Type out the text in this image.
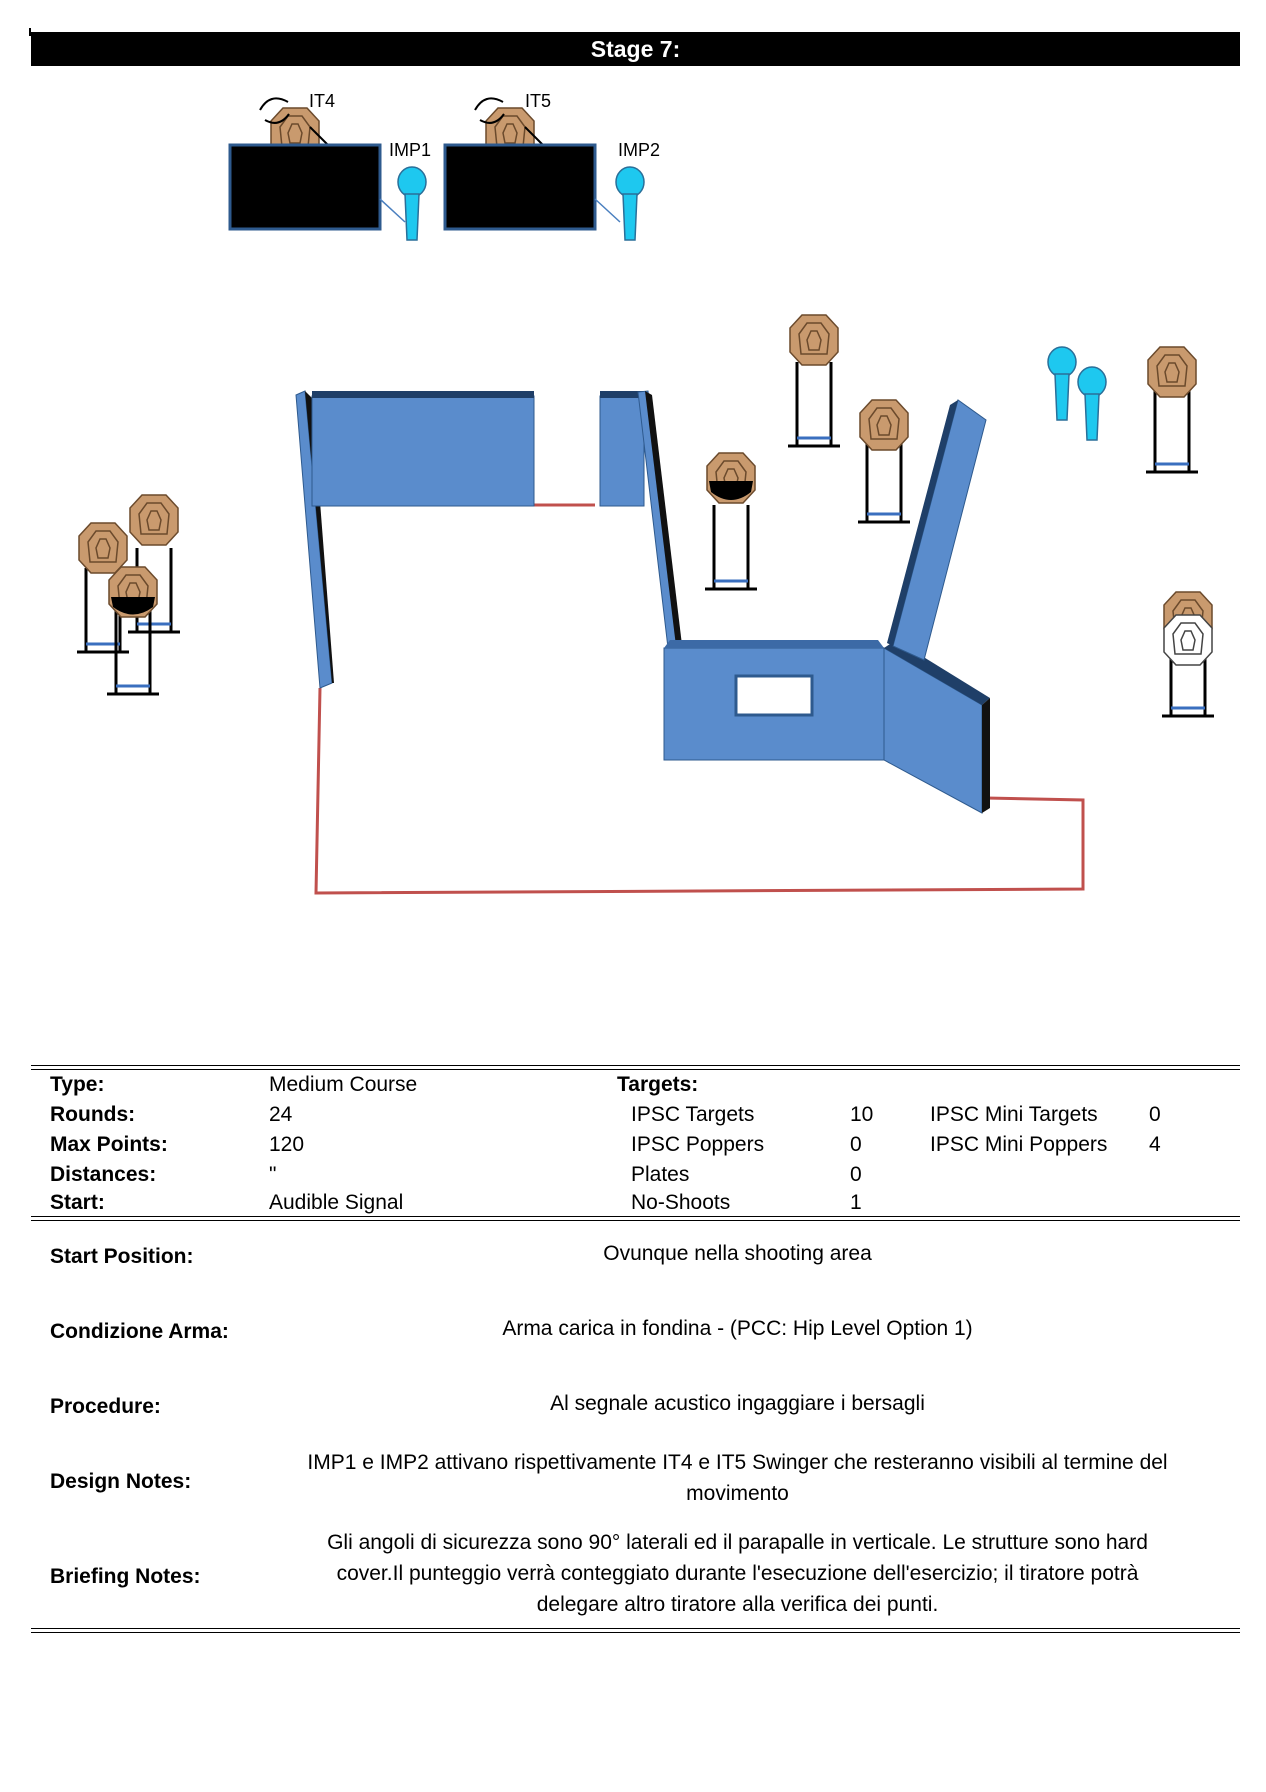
Stage 7:
IT4
IMP1
IT5
IMP2
Type:	Medium Course	Targets:
Rounds:	24	IPSC Targets	10	IPSC Mini Targets 0
Max Points:	120	IPSC Poppers	0	IPSC Mini Poppers 4
Distances:	"	Plates	0
Start:	Audible Signal	No-Shoots	1
Start Position:	Ovunque nella shooting area
Condizione Arma:	Arma carica in fondina - (PCC: Hip Level Option 1)
Procedure:	Al segnale acustico ingaggiare i bersagli
Design Notes:
IMP1 e IMP2 attivano rispettivamente IT4 e IT5 Swinger che resteranno visibili al termine del
movimento
Briefing Notes:
Gli angoli di sicurezza sono 90° laterali ed il parapalle in verticale. Le strutture sono hard
cover.Il punteggio verrà conteggiato durante l'esecuzione dell'esercizio; il tiratore potrà
delegare altro tiratore alla verifica dei punti.
